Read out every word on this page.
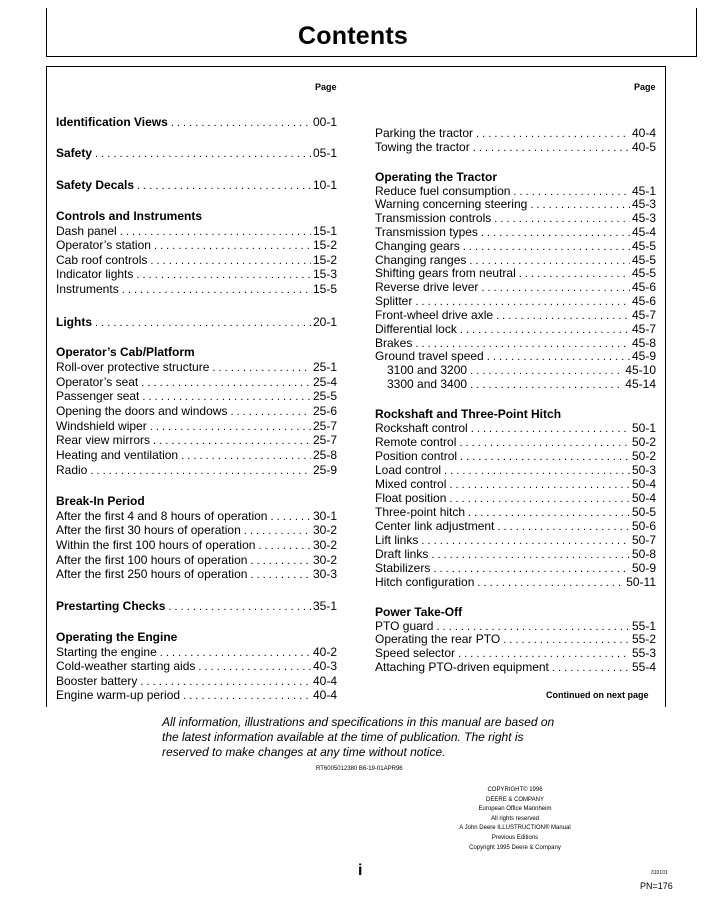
Contents
Page	Page
Identification Views . . .	00-1
Safety . . .	05-1
Safety Decals . . .	10-1
Controls and Instruments
Dash panel . . .	15-1
Operator’s station . . .	15-2
Cab roof controls . . .	15-2
Indicator lights . . .	15-3
Instruments . . .	15-5
Lights . . .	20-1
Operator’s Cab/Platform
Roll-over protective structure . . .	25-1
Operator’s seat . . .	25-4
Passenger seat . . .	25-5
Opening the doors and windows . . .	25-6
Windshield wiper . . .	25-7
Rear view mirrors . . .	25-7
Heating and ventilation . . .	25-8
Radio . . .	25-9
Break-In Period
After the first 4 and 8 hours of operation . . .	30-1
After the first 30 hours of operation . . .	30-2
Within the first 100 hours of operation . . .	30-2
After the first 100 hours of operation . . .	30-2
After the first 250 hours of operation . . .	30-3
Prestarting Checks . . .	35-1
Operating the Engine
Starting the engine . . .	40-2
Cold-weather starting aids . . .	40-3
Booster battery . . .	40-4
Engine warm-up period . . .	40-4
Parking the tractor . . .	40-4
Towing the tractor . . .	40-5
Operating the Tractor
Reduce fuel consumption . . .	45-1
Warning concerning steering . . .	45-3
Transmission controls . . .	45-3
Transmission types . . .	45-4
Changing gears . . .	45-5
Changing ranges . . .	45-5
Shifting gears from neutral . . .	45-5
Reverse drive lever . . .	45-6
Splitter . . .	45-6
Front-wheel drive axle . . .	45-7
Differential lock . . .	45-7
Brakes . . .	45-8
Ground travel speed . . .	45-9
3100 and 3200 . . .	45-10
3300 and 3400 . . .	45-14
Rockshaft and Three-Point Hitch
Rockshaft control . . .	50-1
Remote control . . .	50-2
Position control . . .	50-2
Load control . . .	50-3
Mixed control . . .	50-4
Float position . . .	50-4
Three-point hitch . . .	50-5
Center link adjustment . . .	50-6
Lift links . . .	50-7
Draft links . . .	50-8
Stabilizers . . .	50-9
Hitch configuration . . .	50-11
Power Take-Off
PTO guard . . .	55-1
Operating the rear PTO . . .	55-2
Speed selector . . .	55-3
Attaching PTO-driven equipment . . .	55-4
Continued on next page
All information, illustrations and specifications in this manual are based on the latest information available at the time of publication. The right is reserved to make changes at any time without notice.
RT6005012380 B6-19-01APR96
COPYRIGHT© 1996
DEERE & COMPANY
European Office Mannheim
All rights reserved
A John Deere ILLUSTRUCTION® Manual
Previous Editions
Copyright 1995 Deere & Company
i	310101
PN=176
